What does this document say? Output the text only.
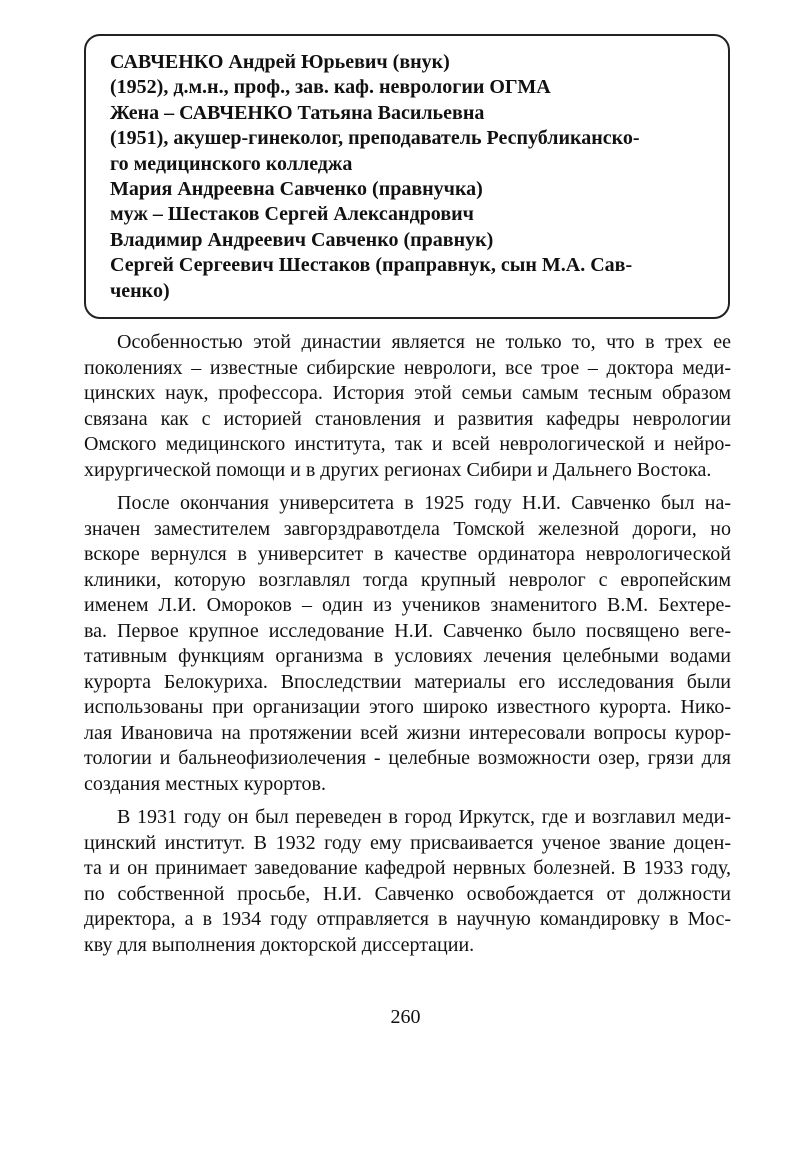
САВЧЕНКО Андрей Юрьевич (внук)
(1952), д.м.н., проф., зав. каф. неврологии ОГМА
Жена – САВЧЕНКО Татьяна Васильевна
(1951), акушер-гинеколог, преподаватель Республиканско-
го медицинского колледжа
Мария Андреевна Савченко (правнучка)
муж – Шестаков Сергей Александрович
Владимир Андреевич Савченко (правнук)
Сергей Сергеевич Шестаков (праправнук, сын М.А. Сав-
ченко)
Особенностью этой династии является не только то, что в трех ее
поколениях – известные сибирские неврологи, все трое – доктора меди-
цинских наук, профессора. История этой семьи самым тесным образом
связана как с историей становления и развития кафедры неврологии
Омского медицинского института, так и всей неврологической и нейро-
хирургической помощи и в других регионах Сибири и Дальнего Востока.
После окончания университета в 1925 году Н.И. Савченко был на-
значен заместителем завгорздравотдела Томской железной дороги, но
вскоре вернулся в университет в качестве ординатора неврологической
клиники, которую возглавлял тогда крупный невролог с европейским
именем Л.И. Омороков – один из учеников знаменитого В.М. Бехтере-
ва. Первое крупное исследование Н.И. Савченко было посвящено веге-
тативным функциям организма в условиях лечения целебными водами
курорта Белокуриха. Впоследствии материалы его исследования были
использованы при организации этого широко известного курорта. Нико-
лая Ивановича на протяжении всей жизни интересовали вопросы курор-
тологии и бальнеофизиолечения - целебные возможности озер, грязи для
создания местных курортов.
В 1931 году он был переведен в город Иркутск, где и возглавил меди-
цинский институт. В 1932 году ему присваивается ученое звание доцен-
та и он принимает заведование кафедрой нервных болезней. В 1933 году,
по собственной просьбе, Н.И. Савченко освобождается от должности
директора, а в 1934 году отправляется в научную командировку в Мос-
кву для выполнения докторской диссертации.
260
